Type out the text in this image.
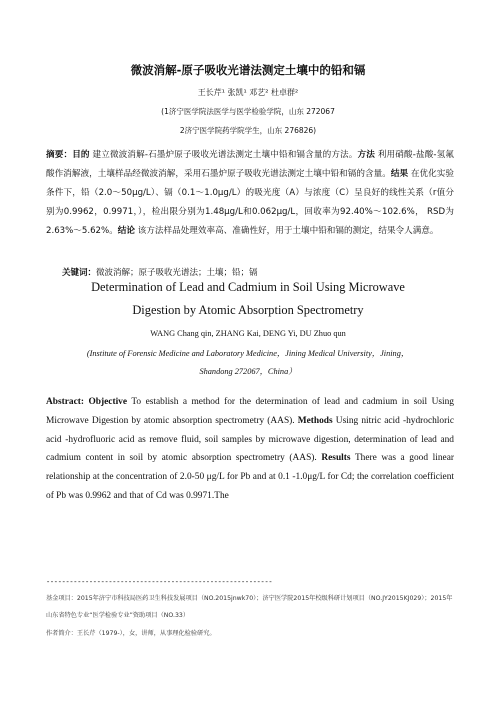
微波消解-原子吸收光谱法测定土壤中的铅和镉
王长芹¹ 张凯¹ 邓艺² 杜卓群²
(1济宁医学院法医学与医学检验学院，山东 272067
2济宁医学院药学院学生，山东 276826)
摘要：目的 建立微波消解-石墨炉原子吸收光谱法测定土壤中铅和镉含量的方法。方法 利用硝酸-盐酸-氢氟酸作消解液，土壤样品经微波消解，采用石墨炉原子吸收光谱法测定土壤中铅和镉的含量。结果 在优化实验条件下，铅（2.0～50μg/L）、镉（0.1～1.0μg/L）的吸光度（A）与浓度（C）呈良好的线性关系（r值分别为0.9962，0.9971，），检出限分别为1.48μg/L和0.062μg/L，回收率为92.40%～102.6%， RSD为2.63%～5.62%。结论 该方法样品处理效率高、准确性好，用于土壤中铅和镉的测定，结果令人满意。
关键词：微波消解；原子吸收光谱法；土壤；铅；镉
Determination of Lead and Cadmium in Soil Using Microwave
Digestion by Atomic Absorption Spectrometry
WANG Chang qin, ZHANG Kai, DENG Yi, DU Zhuo qun
(Institute of Forensic Medicine and Laboratory Medicine，Jining Medical University，Jining，
Shandong 272067，China）
Abstract: Objective To establish a method for the determination of lead and cadmium in soil Using Microwave Digestion by atomic absorption spectrometry (AAS). Methods Using nitric acid -hydrochloric acid -hydrofluoric acid as remove fluid, soil samples by microwave digestion, determination of lead and cadmium content in soil by atomic absorption spectrometry (AAS). Results There was a good linear relationship at the concentration of 2.0-50 μg/L for Pb and at 0.1 -1.0μg/L for Cd; the correlation coefficient of Pb was 0.9962 and that of Cd was 0.9971.The
----------------------------------------------------------
基金项目：2015年济宁市科技局医药卫生科技发展项目（NO.2015jnwk70）；济宁医学院2015年校级科研计划项目（NO.JY2015KJ029）；2015年山东省特色专业“医学检验专业”资助项目（NO.33）
作者简介：王长芹（1979-），女，讲师，从事理化检验研究。
